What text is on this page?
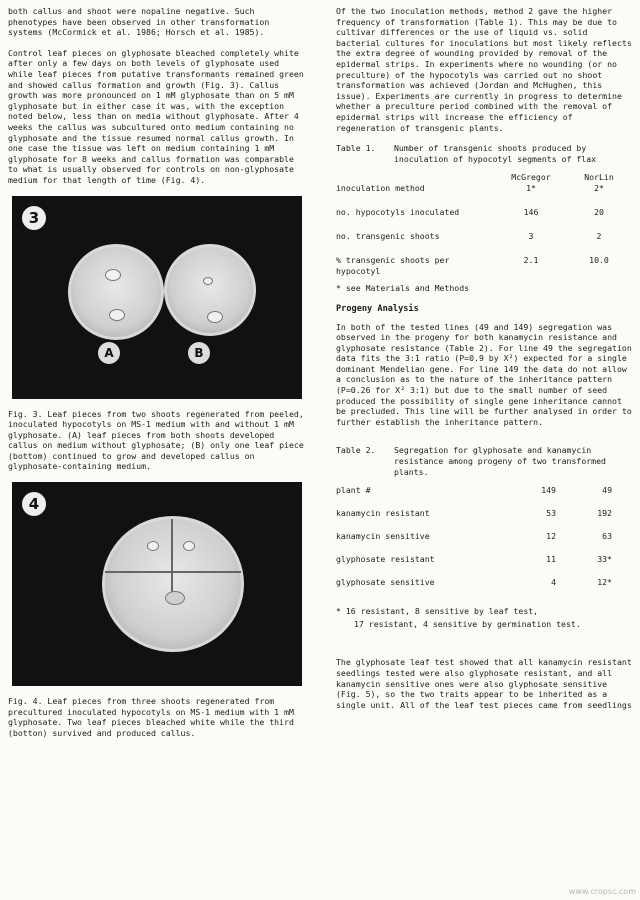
both callus and shoot were nopaline negative. Such phenotypes have been observed in other transformation systems (McCormick et al. 1986; Horsch et al. 1985).

Control leaf pieces on glyphosate bleached completely white after only a few days on both levels of glyphosate used while leaf pieces from putative transformants remained green and showed callus formation and growth (Fig. 3). Callus growth was more pronounced on 1 mM glyphosate than on 5 mM glyphosate but in either case it was, with the exception noted below, less than on media without glyphosate. After 4 weeks the callus was subcultured onto medium containing no glyphosate and the tissue resumed normal callus growth. In one case the tissue was left on medium containing 1 mM glyphosate for 8 weeks and callus formation was comparable to what is usually observed for controls on non-glyphosate medium for that length of time (Fig. 4).

3
A	B
Fig. 3. Leaf pieces from two shoots regenerated from peeled, inoculated hypocotyls on MS-1 medium with and without 1 mM glyphosate. (A) leaf pieces from both shoots developed callus on medium without glyphosate; (B) only one leaf piece (bottom) continued to grow and developed callus on glyphosate-containing medium.
4
Fig. 4. Leaf pieces from three shoots regenerated from precultured inoculated hypocotyls on MS-1 medium with 1 mM glyphosate. Two leaf pieces bleached white while the third (botton) survived and produced callus.

Of the two inoculation methods, method 2 gave the higher frequency of transformation (Table 1). This may be due to cultivar differences or the use of liquid vs. solid bacterial cultures for inoculations but most likely reflects the extra degree of wounding provided by removal of the epidermal strips. In experiments where no wounding (or no preculture) of the hypocotyls was carried out no shoot transformation was achieved (Jordan and McHughen, this issue). Experiments are currently in progress to determine whether a preculture period combined with the removal of epidermal strips will increase the efficiency of regeneration of transgenic plants.

Table 1.	Number of transgenic shoots produced by inoculation of hypocotyl segments of flax
	McGregor	NorLin
inoculation method	1*	2*
no. hypocotyls inoculated	146	20
no. transgenic shoots	3	2
% transgenic shoots per hypocotyl	2.1	10.0
* see Materials and Methods
Progeny Analysis

In both of the tested lines (49 and 149) segregation was observed in the progeny for both kanamycin resistance and glyphosate resistance (Table 2). For line 49 the segregation data fits the 3:1 ratio (P=0.9 by X²) expected for a single dominant Mendelian gene. For line 149 the data do not allow a conclusion as to the nature of the inheritance pattern (P=0.26 for X² 3:1) but due to the small number of seed produced the possibility of single gene inheritance cannot be precluded. This line will be further analysed in order to further establish the inheritance pattern.

Table 2.	Segregation for glyphosate and kanamycin resistance among progeny of two transformed plants.
plant #	149	49
kanamycin resistant	53	192
kanamycin sensitive	12	63
glyphosate resistant	11	33*
glyphosate sensitive	4	12*
* 16 resistant, 8 sensitive by leaf test,
17 resistant, 4 sensitive by germination test.

The glyphosate leaf test showed that all kanamycin resistant seedlings tested were also glyphosate resistant, and all kanamycin sensitive ones were also glyphosate sensitive (Fig. 5), so the two traits appear to be inherited as a single unit. All of the leaf test pieces came from seedlings

www.cropsc.com
